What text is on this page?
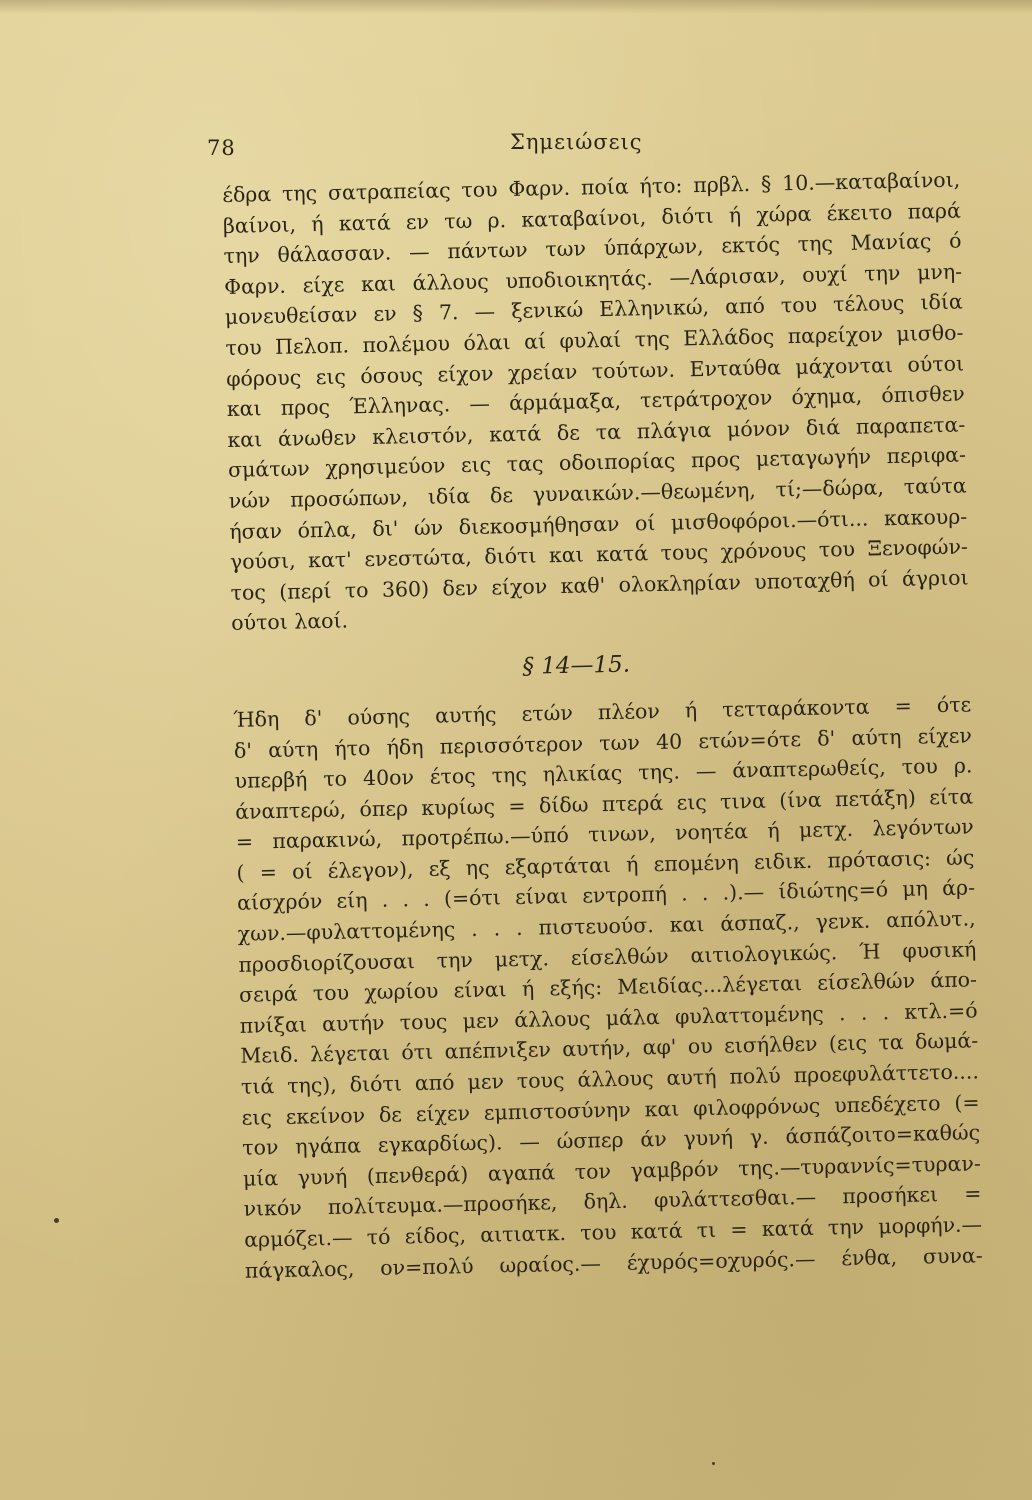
78	Σημειώσεις
έδρα της σατραπείας του Φαρν. ποία ήτο: πρβλ. § 10.—καταβαίνοι,
βαίνοι, ή κατά εν τω ρ. καταβαίνοι, διότι ή χώρα έκειτο παρά
την θάλασσαν. — πάντων των ύπάρχων, εκτός της Μανίας ό
Φαρν. είχε και άλλους υποδιοικητάς. —Λάρισαν, ουχί την μνη-
μονευθείσαν εν § 7. — ξενικώ Ελληνικώ, από του τέλους ιδία
του Πελοπ. πολέμου όλαι αί φυλαί της Ελλάδος παρείχον μισθο-
φόρους εις όσους είχον χρείαν τούτων. Ενταύθα μάχονται ούτοι
και προς Έλληνας. — άρμάμαξα, τετράτροχον όχημα, όπισθεν
και άνωθεν κλειστόν, κατά δε τα πλάγια μόνον διά παραπετα-
σμάτων χρησιμεύον εις τας οδοιπορίας προς μεταγωγήν περιφα-
νών προσώπων, ιδία δε γυναικών.—θεωμένη, τί;—δώρα, ταύτα
ήσαν όπλα, δι' ών διεκοσμήθησαν οί μισθοφόροι.—ότι... κακουρ-
γούσι, κατ' ενεστώτα, διότι και κατά τους χρόνους του Ξενοφών-
τος (περί το 360) δεν είχον καθ' ολοκληρίαν υποταχθή οί άγριοι
ούτοι λαοί.
§ 14—15.
Ήδη δ' ούσης αυτής ετών πλέον ή τετταράκοντα = ότε
δ' αύτη ήτο ήδη περισσότερον των 40 ετών=ότε δ' αύτη είχεν
υπερβή το 40ον έτος της ηλικίας της. — άναπτερωθείς, του ρ.
άναπτερώ, όπερ κυρίως = δίδω πτερά εις τινα (ίνα πετάξη) είτα
= παρακινώ, προτρέπω.—ύπό τινων, νοητέα ή μετχ. λεγόντων
( = οί έλεγον), εξ ης εξαρτάται ή επομένη ειδικ. πρότασις: ώς
αίσχρόν είη . . . (=ότι είναι εντροπή . . .).— ίδιώτης=ό μη άρ-
χων.—φυλαττομένης . . . πιστευούσ. και άσπαζ., γενκ. απόλυτ.,
προσδιορίζουσαι την μετχ. είσελθών αιτιολογικώς. Ή φυσική
σειρά του χωρίου είναι ή εξής: Μειδίας...λέγεται είσελθών άπο-
πνίξαι αυτήν τους μεν άλλους μάλα φυλαττομένης . . . κτλ.=ό
Μειδ. λέγεται ότι απέπνιξεν αυτήν, αφ' ου εισήλθεν (εις τα δωμά-
τιά της), διότι από μεν τους άλλους αυτή πολύ προεφυλάττετο....
εις εκείνον δε είχεν εμπιστοσύνην και φιλοφρόνως υπεδέχετο (=
τον ηγάπα εγκαρδίως). — ώσπερ άν γυνή γ. άσπάζοιτο=καθώς
μία γυνή (πενθερά) αγαπά τον γαμβρόν της.—τυραννίς=τυραν-
νικόν πολίτευμα.—προσήκε, δηλ. φυλάττεσθαι.— προσήκει =
αρμόζει.— τό είδος, αιτιατκ. του κατά τι = κατά την μορφήν.—
πάγκαλος, ον=πολύ ωραίος.— έχυρός=οχυρός.— ένθα, συνα-
